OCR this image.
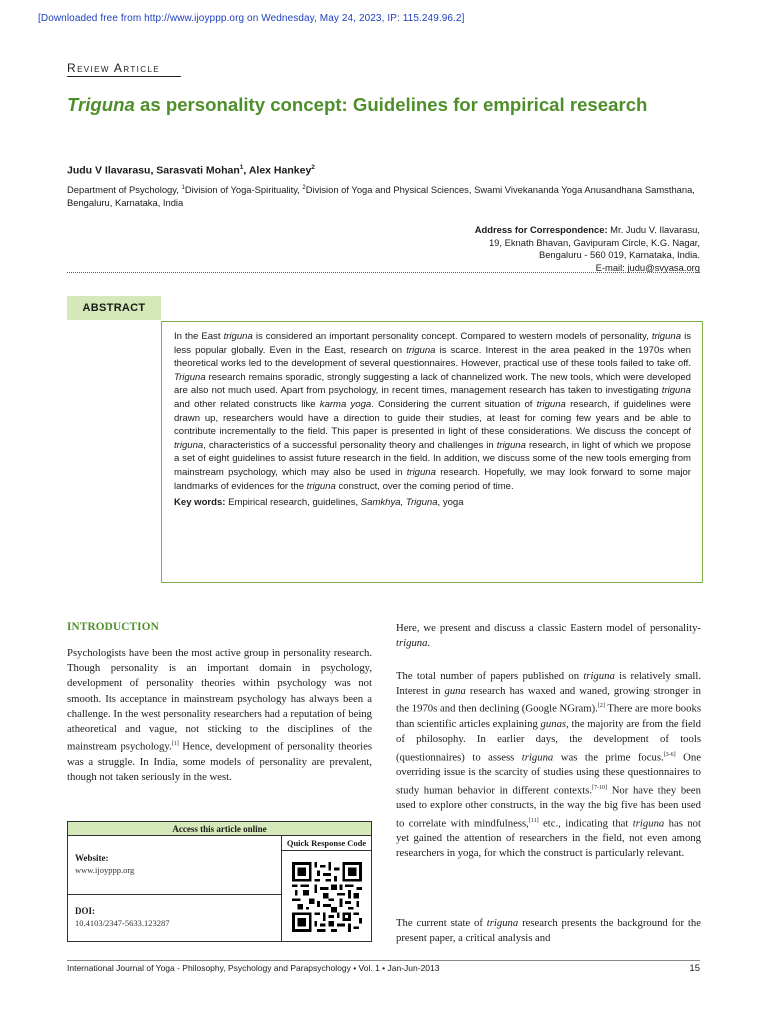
[Downloaded free from http://www.ijoyppp.org on Wednesday, May 24, 2023, IP: 115.249.96.2]
Review Article
Triguna as personality concept: Guidelines for empirical research
Judu V Ilavarasu, Sarasvati Mohan$^1$, Alex Hankey$^2$
Department of Psychology, $^1$Division of Yoga-Spirituality, $^2$Division of Yoga and Physical Sciences, Swami Vivekananda Yoga Anusandhana Samsthana, Bengaluru, Karnataka, India
Address for Correspondence: Mr. Judu V. Ilavarasu,
19, Eknath Bhavan, Gavipuram Circle, K.G. Nagar,
Bengaluru - 560 019, Karnataka, India.
E-mail: judu@svyasa.org
ABSTRACT

In the East triguna is considered an important personality concept. Compared to western models of personality, triguna is less popular globally. Even in the East, research on triguna is scarce. Interest in the area peaked in the 1970s when theoretical works led to the development of several questionnaires. However, practical use of these tools failed to take off. Triguna research remains sporadic, strongly suggesting a lack of channelized work. The new tools, which were developed are also not much used. Apart from psychology, in recent times, management research has taken to investigating triguna and other related constructs like karma yoga. Considering the current situation of triguna research, if guidelines were drawn up, researchers would have a direction to guide their studies, at least for coming few years and be able to contribute incrementally to the field. This paper is presented in light of these considerations. We discuss the concept of triguna, characteristics of a successful personality theory and challenges in triguna research, in light of which we propose a set of eight guidelines to assist future research in the field. In addition, we discuss some of the new tools emerging from mainstream psychology, which may also be used in triguna research. Hopefully, we may look forward to some major landmarks of evidences for the triguna construct, over the coming period of time.

Key words: Empirical research, guidelines, Samkhya, Triguna, yoga

INTRODUCTION

Psychologists have been the most active group in personality research. Though personality is an important domain in psychology, development of personality theories within psychology was not smooth. Its acceptance in mainstream psychology has always been a challenge. In the west personality researchers had a reputation of being atheoretical and vague, not sticking to the disciplines of the mainstream psychology.[1] Hence, development of personality theories was a struggle. In India, some models of personality are prevalent, though not taken seriously in the west.

Access this article online
Quick Response Code
Website:
www.ijoyppp.org
DOI:
10.4103/2347-5633.123287

Here, we present and discuss a classic Eastern model of personality-triguna.

The total number of papers published on triguna is relatively small. Interest in guna research has waxed and waned, growing stronger in the 1970s and then declining (Google NGram).[2] There are more books than scientific articles explaining gunas, the majority are from the field of philosophy. In earlier days, the development of tools (questionnaires) to assess triguna was the prime focus.[3-6] One overriding issue is the scarcity of studies using these questionnaires to study human behavior in different contexts.[7-10] Nor have they been used to explore other constructs, in the way the big five has been used to correlate with mindfulness,[11] etc., indicating that triguna has not yet gained the attention of researchers in the field, not even among researchers in yoga, for which the construct is particularly relevant.

The current state of triguna research presents the background for the present paper, a critical analysis and

International Journal of Yoga - Philosophy, Psychology and Parapsychology • Vol. 1 • Jan-Jun-2013	15
